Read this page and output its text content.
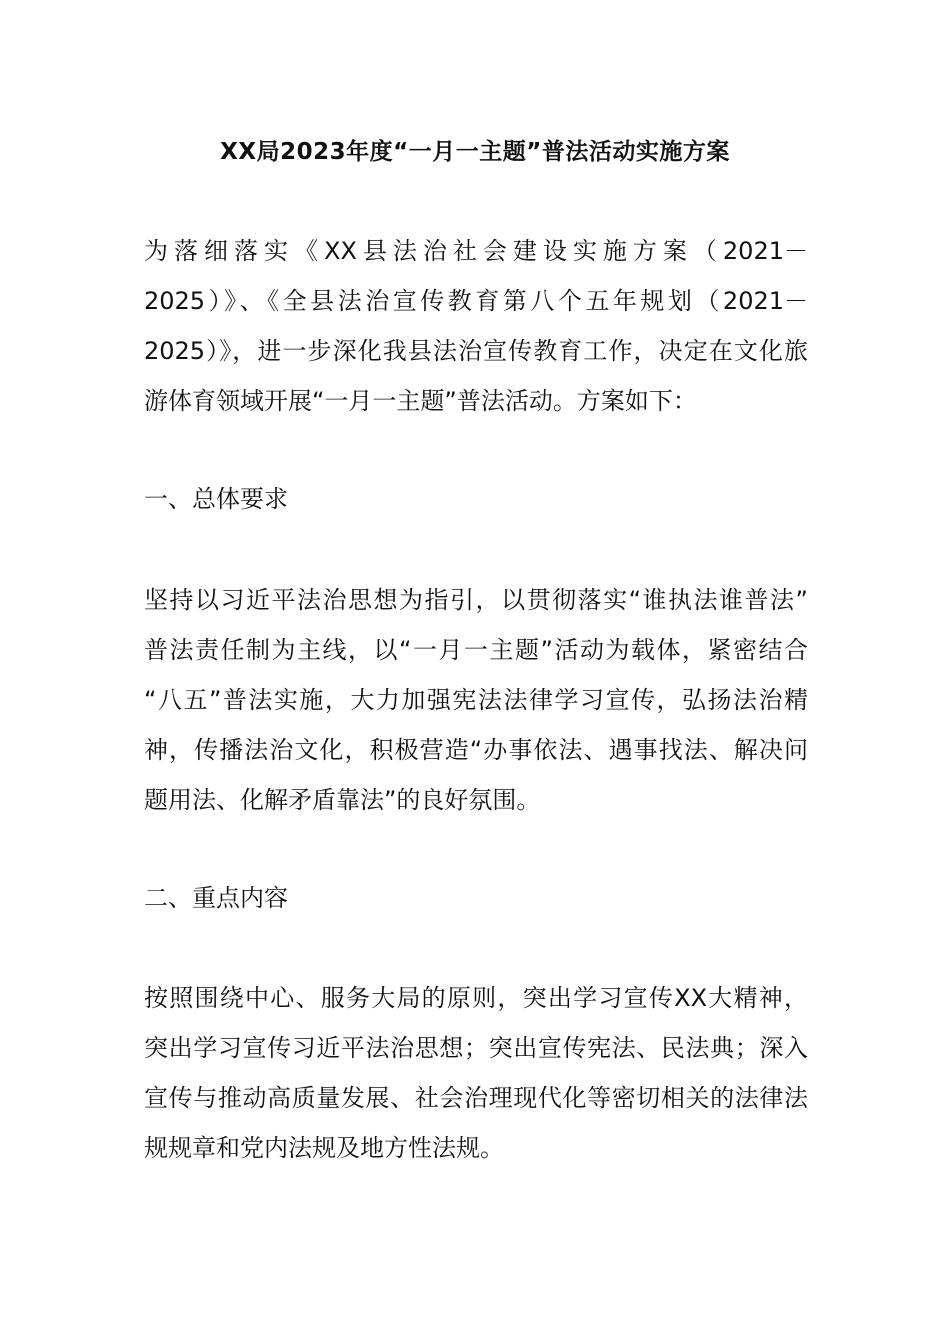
XX局2023年度“一月一主题”普法活动实施方案
为落细落实《XX县法治社会建设实施方案（2021－
2025）》、《全县法治宣传教育第八个五年规划（2021－
2025）》，进一步深化我县法治宣传教育工作，决定在文化旅
游体育领域开展“一月一主题”普法活动。方案如下：
一、总体要求
坚持以习近平法治思想为指引，以贯彻落实“谁执法谁普法”
普法责任制为主线，以“一月一主题”活动为载体，紧密结合
“八五”普法实施，大力加强宪法法律学习宣传，弘扬法治精
神，传播法治文化，积极营造“办事依法、遇事找法、解决问
题用法、化解矛盾靠法”的良好氛围。
二、重点内容
按照围绕中心、服务大局的原则，突出学习宣传XX大精神，
突出学习宣传习近平法治思想；突出宣传宪法、民法典；深入
宣传与推动高质量发展、社会治理现代化等密切相关的法律法
规规章和党内法规及地方性法规。
